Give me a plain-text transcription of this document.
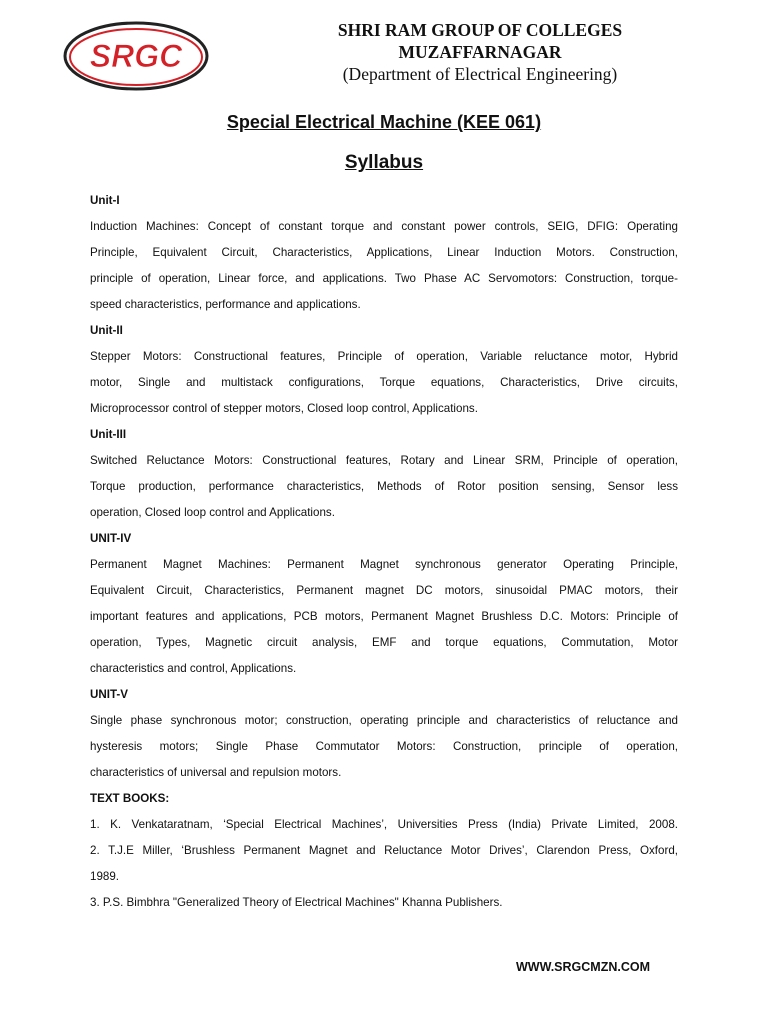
SRGC
SHRI RAM GROUP OF COLLEGES
MUZAFFARNAGAR
(Department of Electrical Engineering)
Special Electrical Machine (KEE 061)
Syllabus
Unit-I
Induction Machines: Concept of constant torque and constant power controls, SEIG, DFIG: Operating
Principle, Equivalent Circuit, Characteristics, Applications, Linear Induction Motors. Construction,
principle of operation, Linear force, and applications. Two Phase AC Servomotors: Construction, torque-
speed characteristics, performance and applications.
Unit-II
Stepper Motors: Constructional features, Principle of operation, Variable reluctance motor, Hybrid
motor, Single and multistack configurations, Torque equations, Characteristics, Drive circuits,
Microprocessor control of stepper motors, Closed loop control, Applications.
Unit-III
Switched Reluctance Motors: Constructional features, Rotary and Linear SRM, Principle of operation,
Torque production, performance characteristics, Methods of Rotor position sensing, Sensor less
operation, Closed loop control and Applications.
UNIT-IV
Permanent Magnet Machines: Permanent Magnet synchronous generator Operating Principle,
Equivalent Circuit, Characteristics, Permanent magnet DC motors, sinusoidal PMAC motors, their
important features and applications, PCB motors, Permanent Magnet Brushless D.C. Motors: Principle of
operation, Types, Magnetic circuit analysis, EMF and torque equations, Commutation, Motor
characteristics and control, Applications.
UNIT-V
Single phase synchronous motor; construction, operating principle and characteristics of reluctance and
hysteresis motors; Single Phase Commutator Motors: Construction, principle of operation,
characteristics of universal and repulsion motors.
TEXT BOOKS:
1. K. Venkataratnam, ‘Special Electrical Machines’, Universities Press (India) Private Limited, 2008.
2. T.J.E Miller, ‘Brushless Permanent Magnet and Reluctance Motor Drives’, Clarendon Press, Oxford,
1989.
3. P.S. Bimbhra "Generalized Theory of Electrical Machines" Khanna Publishers.
WWW.SRGCMZN.COM
